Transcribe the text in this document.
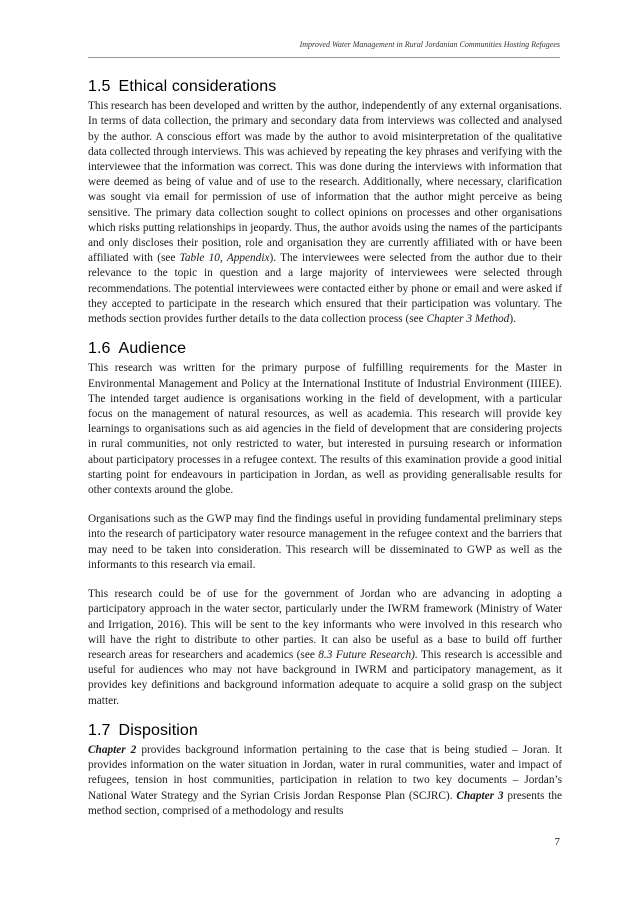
Improved Water Management in Rural Jordanian Communities Hosting Refugees
1.5 Ethical considerations

This research has been developed and written by the author, independently of any external organisations. In terms of data collection, the primary and secondary data from interviews was collected and analysed by the author. A conscious effort was made by the author to avoid misinterpretation of the qualitative data collected through interviews. This was achieved by repeating the key phrases and verifying with the interviewee that the information was correct. This was done during the interviews with information that were deemed as being of value and of use to the research. Additionally, where necessary, clarification was sought via email for permission of use of information that the author might perceive as being sensitive. The primary data collection sought to collect opinions on processes and other organisations which risks putting relationships in jeopardy. Thus, the author avoids using the names of the participants and only discloses their position, role and organisation they are currently affiliated with or have been affiliated with (see Table 10, Appendix). The interviewees were selected from the author due to their relevance to the topic in question and a large majority of interviewees were selected through recommendations. The potential interviewees were contacted either by phone or email and were asked if they accepted to participate in the research which ensured that their participation was voluntary. The methods section provides further details to the data collection process (see Chapter 3 Method).

1.6 Audience

This research was written for the primary purpose of fulfilling requirements for the Master in Environmental Management and Policy at the International Institute of Industrial Environment (IIIEE). The intended target audience is organisations working in the field of development, with a particular focus on the management of natural resources, as well as academia. This research will provide key learnings to organisations such as aid agencies in the field of development that are considering projects in rural communities, not only restricted to water, but interested in pursuing research or information about participatory processes in a refugee context. The results of this examination provide a good initial starting point for endeavours in participation in Jordan, as well as providing generalisable results for other contexts around the globe.

Organisations such as the GWP may find the findings useful in providing fundamental preliminary steps into the research of participatory water resource management in the refugee context and the barriers that may need to be taken into consideration. This research will be disseminated to GWP as well as the informants to this research via email.

This research could be of use for the government of Jordan who are advancing in adopting a participatory approach in the water sector, particularly under the IWRM framework (Ministry of Water and Irrigation, 2016). This will be sent to the key informants who were involved in this research who will have the right to distribute to other parties. It can also be useful as a base to build off further research areas for researchers and academics (see 8.3 Future Research). This research is accessible and useful for audiences who may not have background in IWRM and participatory management, as it provides key definitions and background information adequate to acquire a solid grasp on the subject matter.

1.7 Disposition

Chapter 2 provides background information pertaining to the case that is being studied – Joran. It provides information on the water situation in Jordan, water in rural communities, water and impact of refugees, tension in host communities, participation in relation to two key documents – Jordan’s National Water Strategy and the Syrian Crisis Jordan Response Plan (SCJRC). Chapter 3 presents the method section, comprised of a methodology and results

7
